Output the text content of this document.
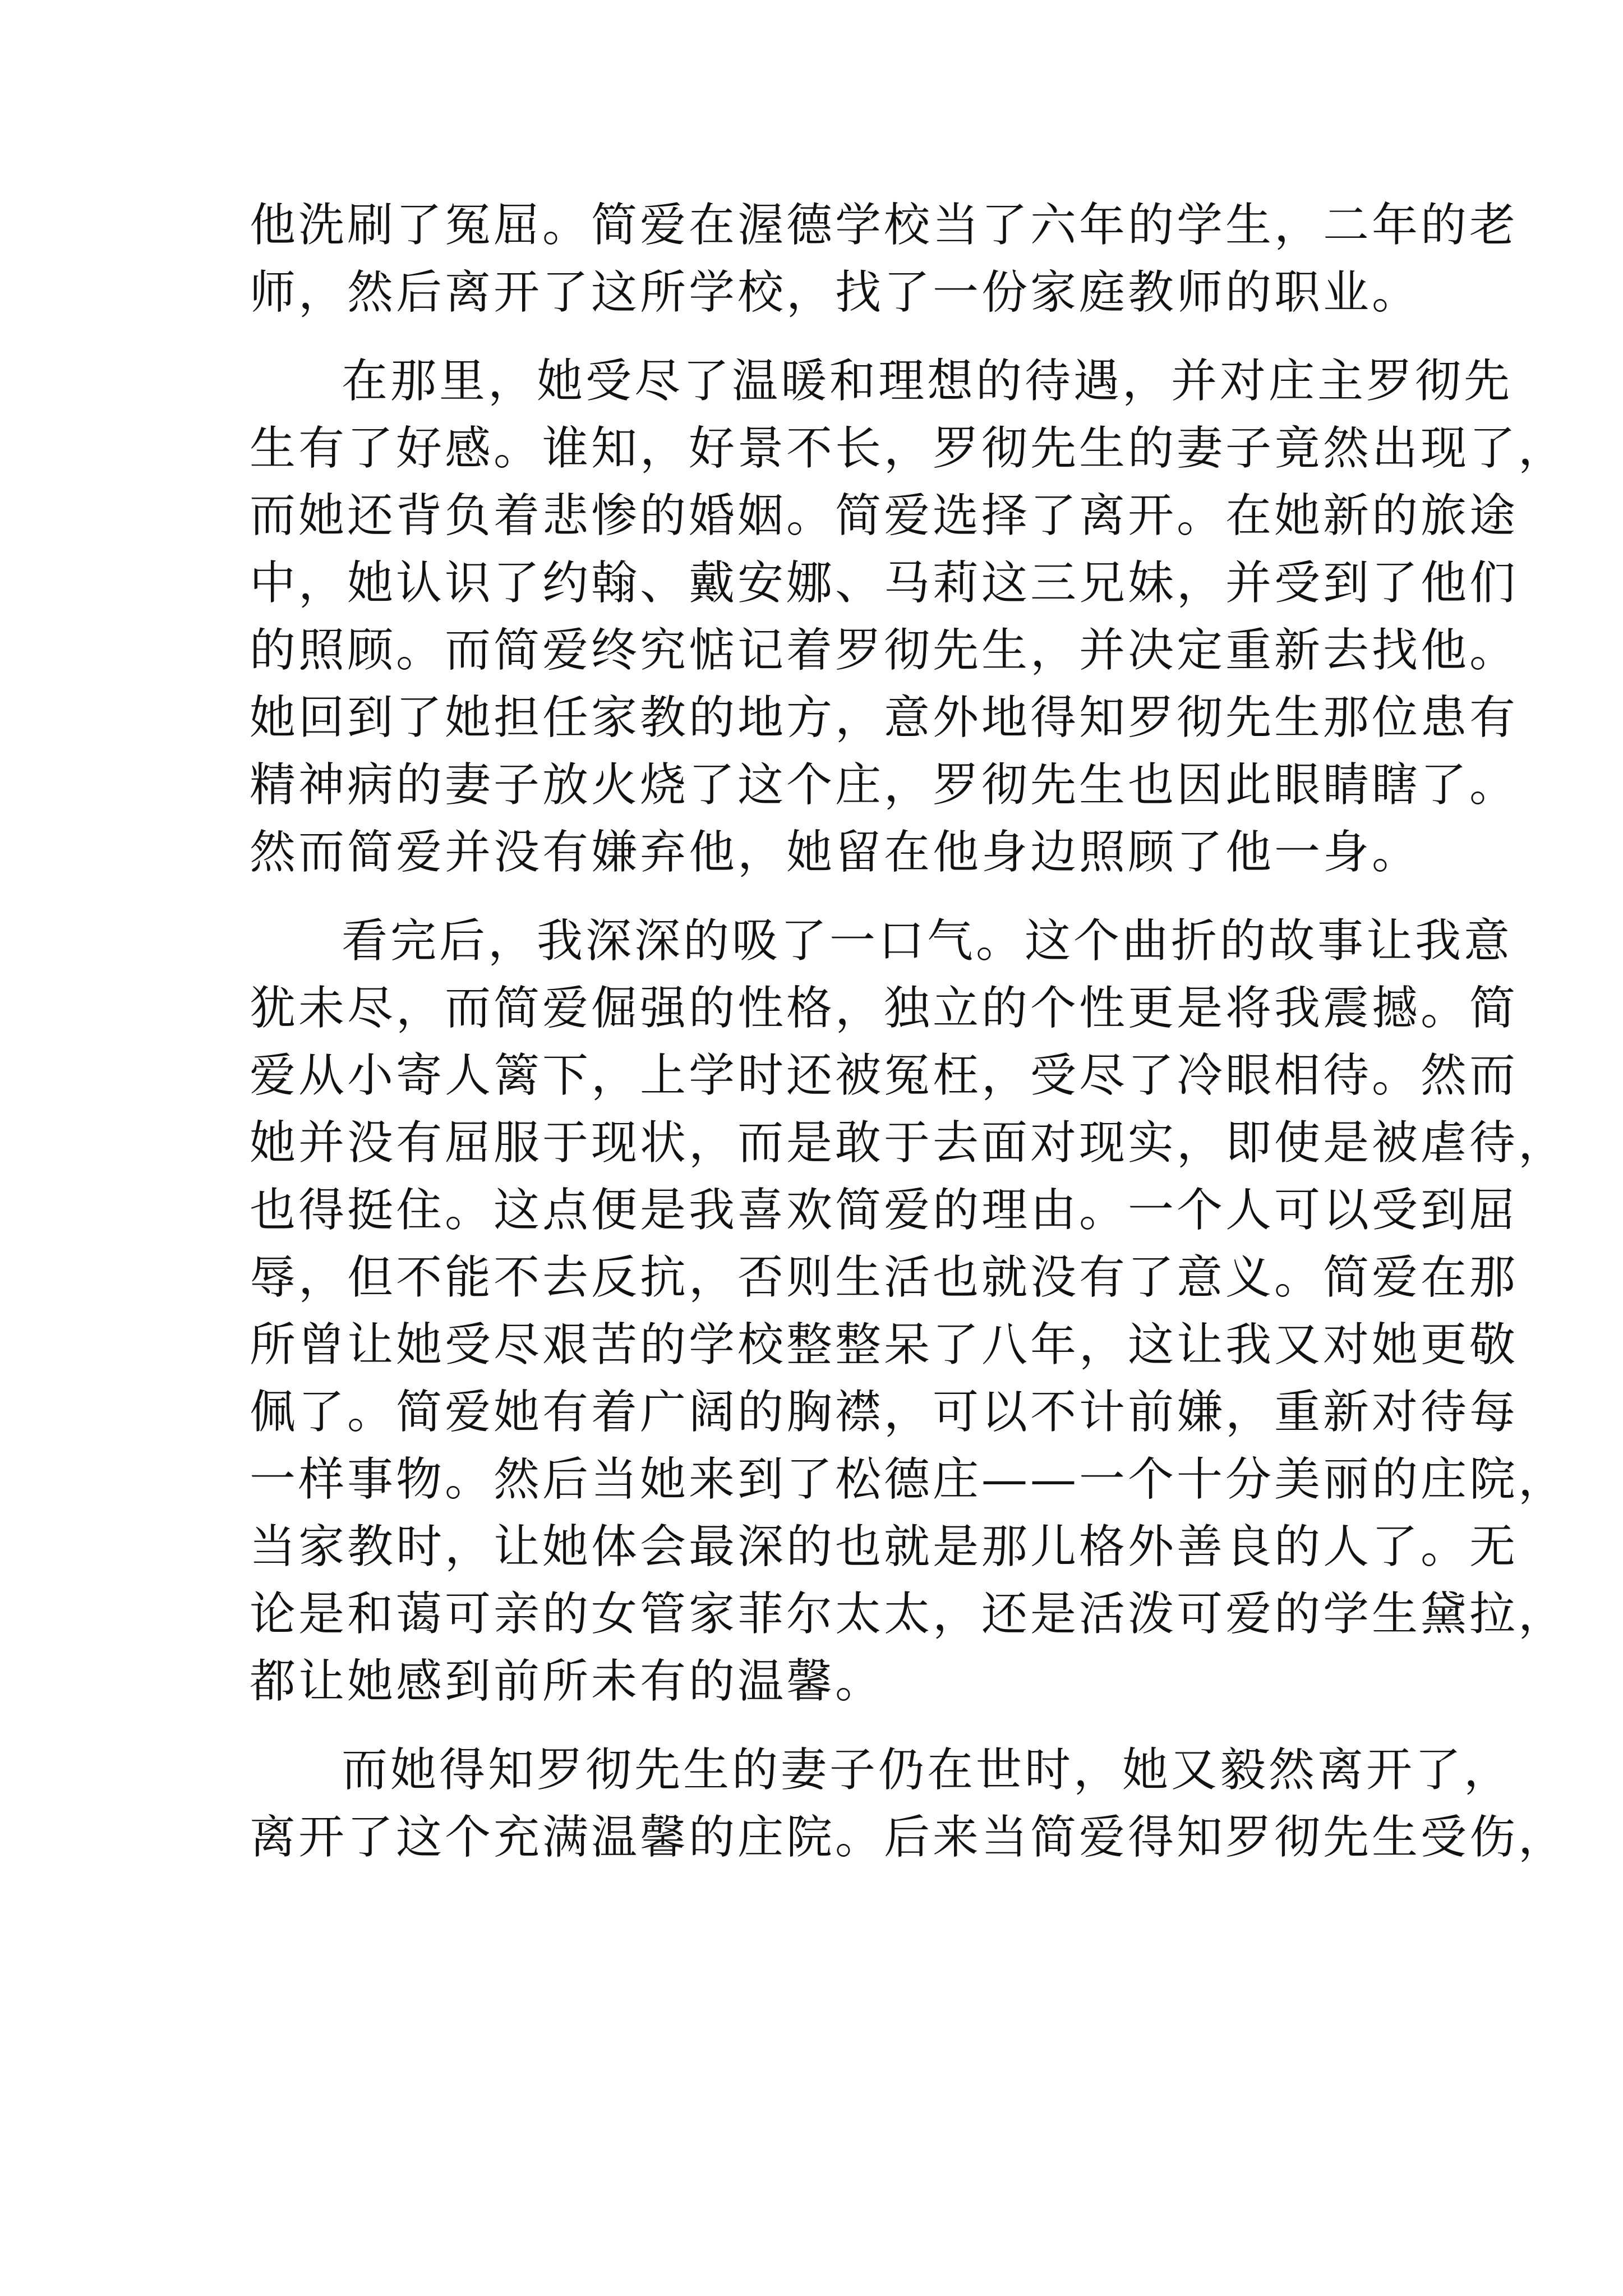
他洗刷了冤屈。简爱在渥德学校当了六年的学生，二年的老
师，然后离开了这所学校，找了一份家庭教师的职业。
在那里，她受尽了温暖和理想的待遇，并对庄主罗彻先
生有了好感。谁知，好景不长，罗彻先生的妻子竟然出现了，
而她还背负着悲惨的婚姻。简爱选择了离开。在她新的旅途
中，她认识了约翰、戴安娜、马莉这三兄妹，并受到了他们
的照顾。而简爱终究惦记着罗彻先生，并决定重新去找他。
她回到了她担任家教的地方，意外地得知罗彻先生那位患有
精神病的妻子放火烧了这个庄，罗彻先生也因此眼睛瞎了。
然而简爱并没有嫌弃他，她留在他身边照顾了他一身。
看完后，我深深的吸了一口气。这个曲折的故事让我意
犹未尽，而简爱倔强的性格，独立的个性更是将我震撼。简
爱从小寄人篱下，上学时还被冤枉，受尽了冷眼相待。然而
她并没有屈服于现状，而是敢于去面对现实，即使是被虐待，
也得挺住。这点便是我喜欢简爱的理由。一个人可以受到屈
辱，但不能不去反抗，否则生活也就没有了意义。简爱在那
所曾让她受尽艰苦的学校整整呆了八年，这让我又对她更敬
佩了。简爱她有着广阔的胸襟，可以不计前嫌，重新对待每
一样事物。然后当她来到了松德庄——一个十分美丽的庄院，
当家教时，让她体会最深的也就是那儿格外善良的人了。无
论是和蔼可亲的女管家菲尔太太，还是活泼可爱的学生黛拉，
都让她感到前所未有的温馨。
而她得知罗彻先生的妻子仍在世时，她又毅然离开了，
离开了这个充满温馨的庄院。后来当简爱得知罗彻先生受伤，
